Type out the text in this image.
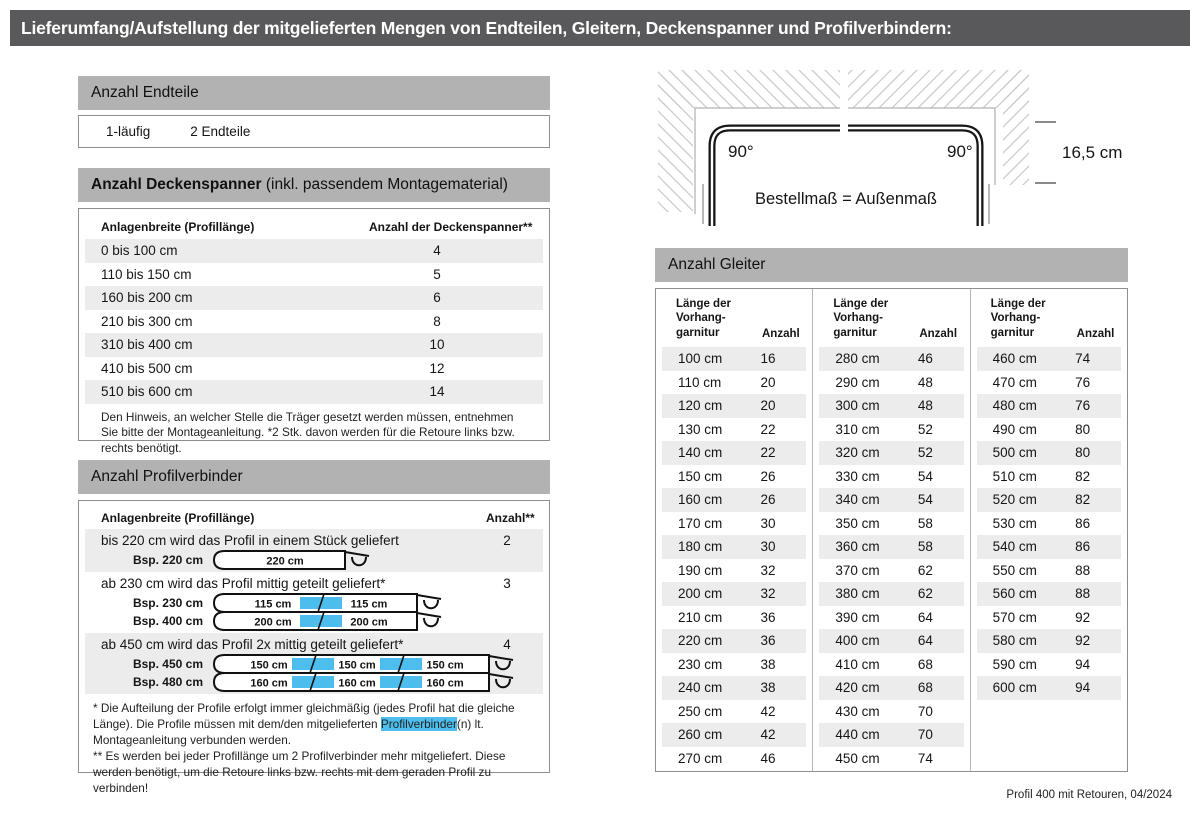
Lieferumfang/Aufstellung der mitgelieferten Mengen von Endteilen, Gleitern, Deckenspanner und Profilverbindern:
Anzahl Endteile
1-läufig	2 Endteile
Anzahl Deckenspanner (inkl. passendem Montagematerial)
Anlagenbreite (Profillänge)	Anzahl der Deckenspanner**
0 bis 100 cm	4
110 bis 150 cm	5
160 bis 200 cm	6
210 bis 300 cm	8
310 bis 400 cm	10
410 bis 500 cm	12
510 bis 600 cm	14
Den Hinweis, an welcher Stelle die Träger gesetzt werden müssen, entnehmen Sie bitte der Montageanleitung. *2 Stk. davon werden für die Retoure links bzw. rechts benötigt.
Anzahl Profilverbinder
Anlagenbreite (Profillänge)	Anzahl**
bis 220 cm wird das Profil in einem Stück geliefert	2
Bsp. 220 cm	220 cm
ab 230 cm wird das Profil mittig geteilt geliefert*	3
Bsp. 230 cm	115 cm	115 cm
Bsp. 400 cm	200 cm	200 cm
ab 450 cm wird das Profil 2x mittig geteilt geliefert*	4
Bsp. 450 cm	150 cm	150 cm	150 cm
Bsp. 480 cm	160 cm	160 cm	160 cm
* Die Aufteilung der Profile erfolgt immer gleichmäßig (jedes Profil hat die gleiche Länge). Die Profile müssen mit dem/den mitgelieferten Profilverbinder(n) lt. Montageanleitung verbunden werden.
** Es werden bei jeder Profillänge um 2 Profilverbinder mehr mitgeliefert. Diese werden benötigt, um die Retoure links bzw. rechts mit dem geraden Profil zu verbinden!
90°	90°	16,5 cm
Bestellmaß = Außenmaß
Anzahl Gleiter
Länge der
Vorhang-
garnitur	Anzahl
100 cm	16
110 cm	20
120 cm	20
130 cm	22
140 cm	22
150 cm	26
160 cm	26
170 cm	30
180 cm	30
190 cm	32
200 cm	32
210 cm	36
220 cm	36
230 cm	38
240 cm	38
250 cm	42
260 cm	42
270 cm	46
Länge der
Vorhang-
garnitur	Anzahl
280 cm	46
290 cm	48
300 cm	48
310 cm	52
320 cm	52
330 cm	54
340 cm	54
350 cm	58
360 cm	58
370 cm	62
380 cm	62
390 cm	64
400 cm	64
410 cm	68
420 cm	68
430 cm	70
440 cm	70
450 cm	74
Länge der
Vorhang-
garnitur	Anzahl
460 cm	74
470 cm	76
480 cm	76
490 cm	80
500 cm	80
510 cm	82
520 cm	82
530 cm	86
540 cm	86
550 cm	88
560 cm	88
570 cm	92
580 cm	92
590 cm	94
600 cm	94
Profil 400 mit Retouren, 04/2024
